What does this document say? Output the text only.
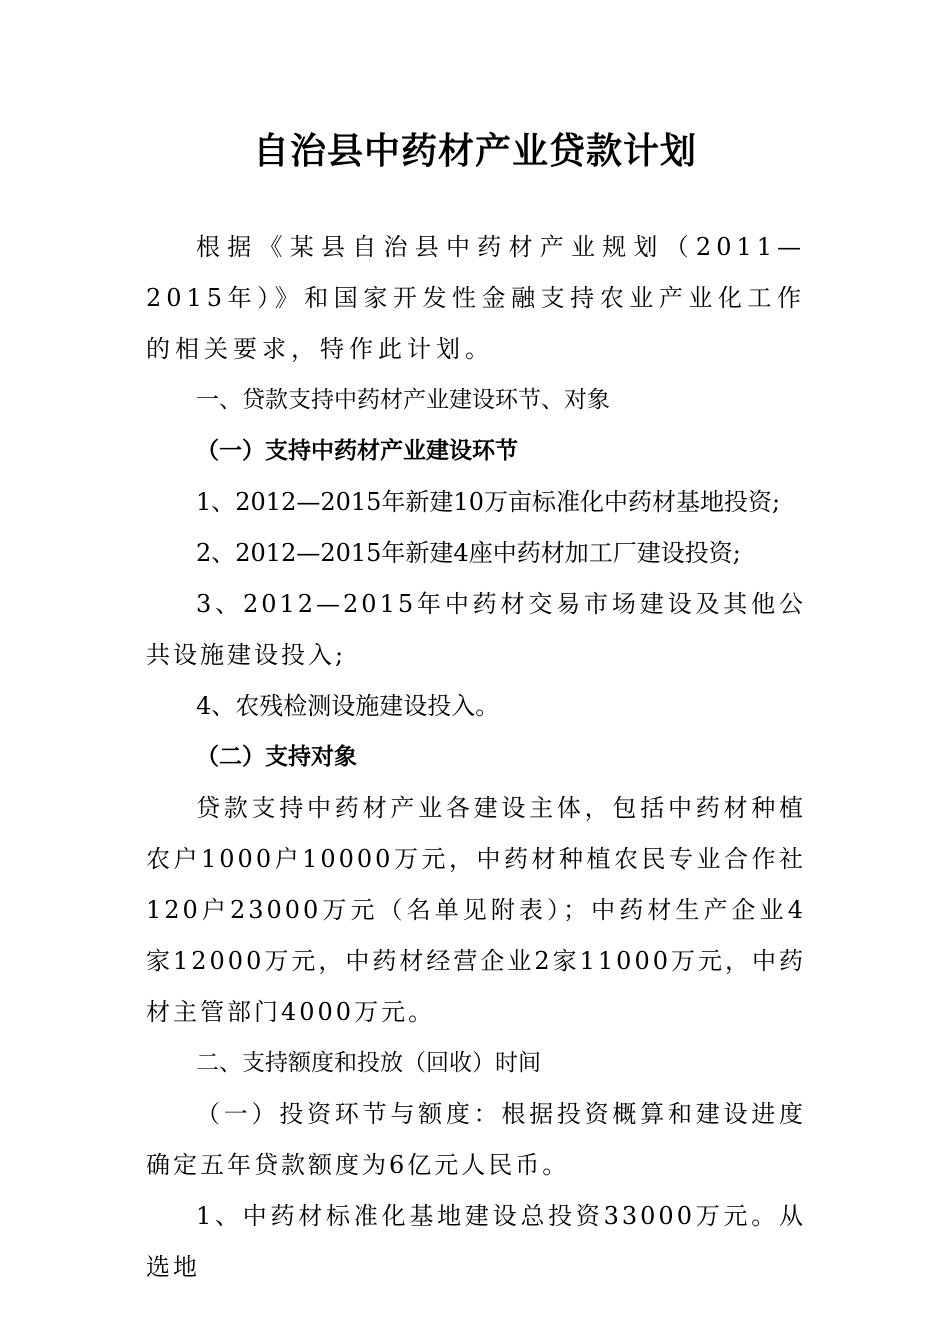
自治县中药材产业贷款计划

根据《某县自治县中药材产业规划（2011—2015年）》和国家开发性金融支持农业产业化工作的相关要求，特作此计划。

一、贷款支持中药材产业建设环节、对象

（一）支持中药材产业建设环节

1、2012—2015年新建10万亩标准化中药材基地投资;

2、2012—2015年新建4座中药材加工厂建设投资;

3、2012—2015年中药材交易市场建设及其他公共设施建设投入;

4、农残检测设施建设投入。

（二）支持对象

贷款支持中药材产业各建设主体，包括中药材种植农户1000户10000万元，中药材种植农民专业合作社120户23000万元（名单见附表）；中药材生产企业4家12000万元，中药材经营企业2家11000万元，中药材主管部门4000万元。

二、支持额度和投放（回收）时间

（一）投资环节与额度：根据投资概算和建设进度确定五年贷款额度为6亿元人民币。

1、中药材标准化基地建设总投资33000万元。从选地
